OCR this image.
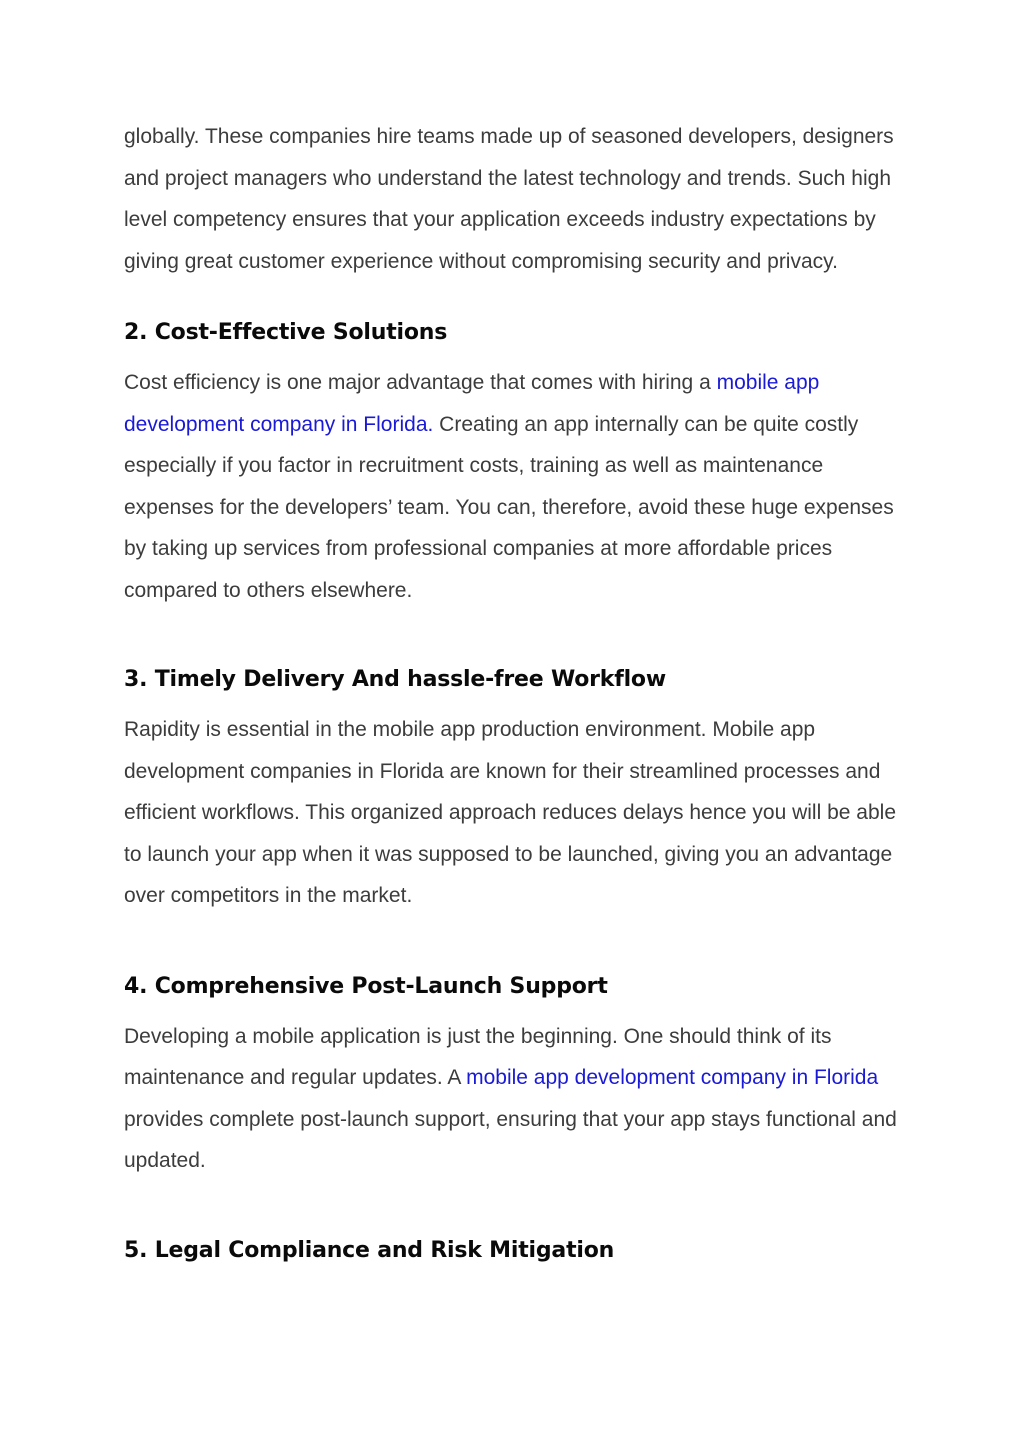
globally. These companies hire teams made up of seasoned developers, designers and project managers who understand the latest technology and trends. Such high level competency ensures that your application exceeds industry expectations by giving great customer experience without compromising security and privacy.

2. Cost-Effective Solutions

Cost efficiency is one major advantage that comes with hiring a mobile app development company in Florida. Creating an app internally can be quite costly especially if you factor in recruitment costs, training as well as maintenance expenses for the developers’ team. You can, therefore, avoid these huge expenses by taking up services from professional companies at more affordable prices compared to others elsewhere.

3. Timely Delivery And hassle-free Workflow

Rapidity is essential in the mobile app production environment. Mobile app development companies in Florida are known for their streamlined processes and efficient workflows. This organized approach reduces delays hence you will be able to launch your app when it was supposed to be launched, giving you an advantage over competitors in the market.

4. Comprehensive Post-Launch Support

Developing a mobile application is just the beginning. One should think of its maintenance and regular updates. A mobile app development company in Florida provides complete post-launch support, ensuring that your app stays functional and updated.

5. Legal Compliance and Risk Mitigation
